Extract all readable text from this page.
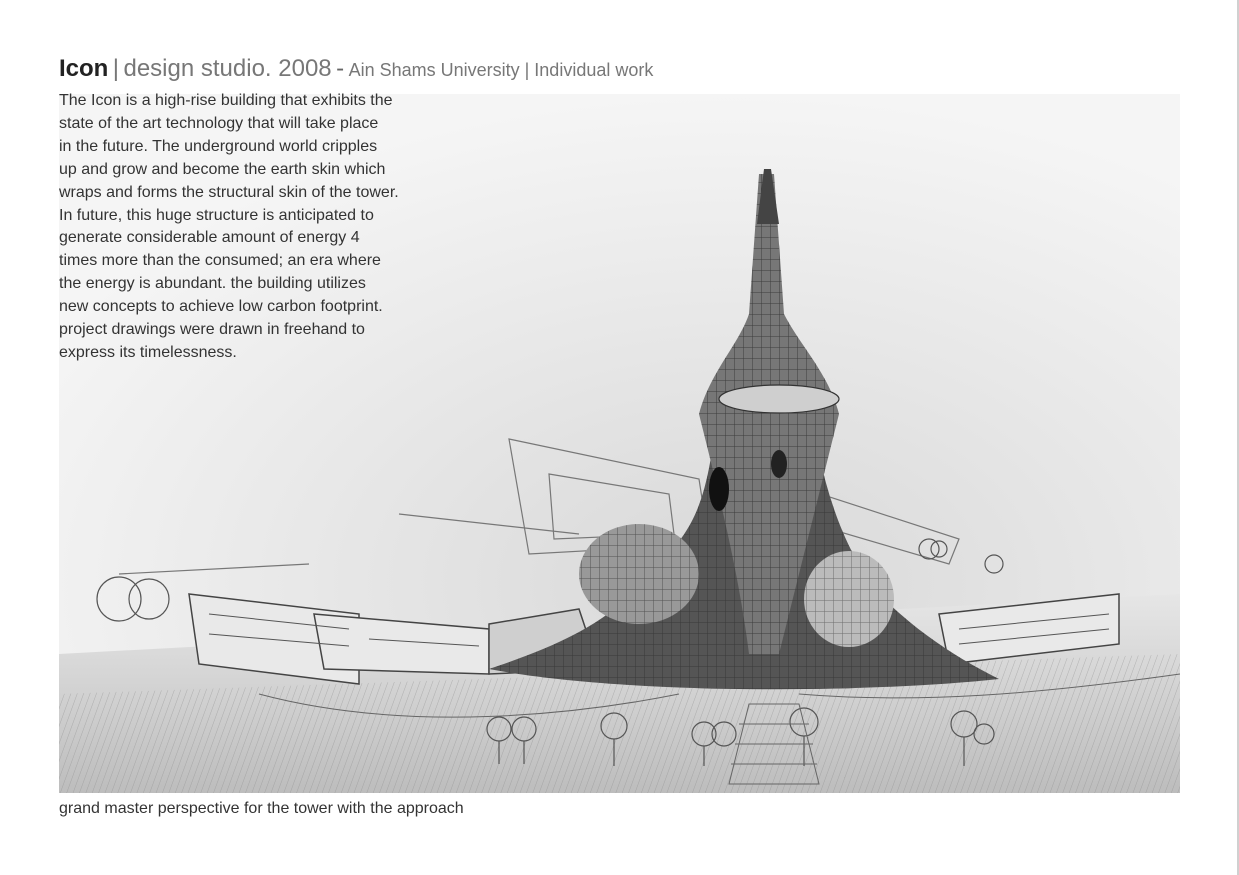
Icon | design studio. 2008 - Ain Shams University | Individual work

The Icon is a high-rise building that exhibits the
state of the art technology that will take place
in the future. The underground world cripples
up and grow and become the earth skin which
wraps and forms the structural skin of the tower.
In future, this huge structure is anticipated to
generate considerable amount of energy 4
times more than the consumed; an era where
the energy is abundant. the building utilizes
new concepts to achieve low carbon footprint.
project drawings were drawn in freehand to
express its timelessness.

grand master perspective for the tower with the approach
